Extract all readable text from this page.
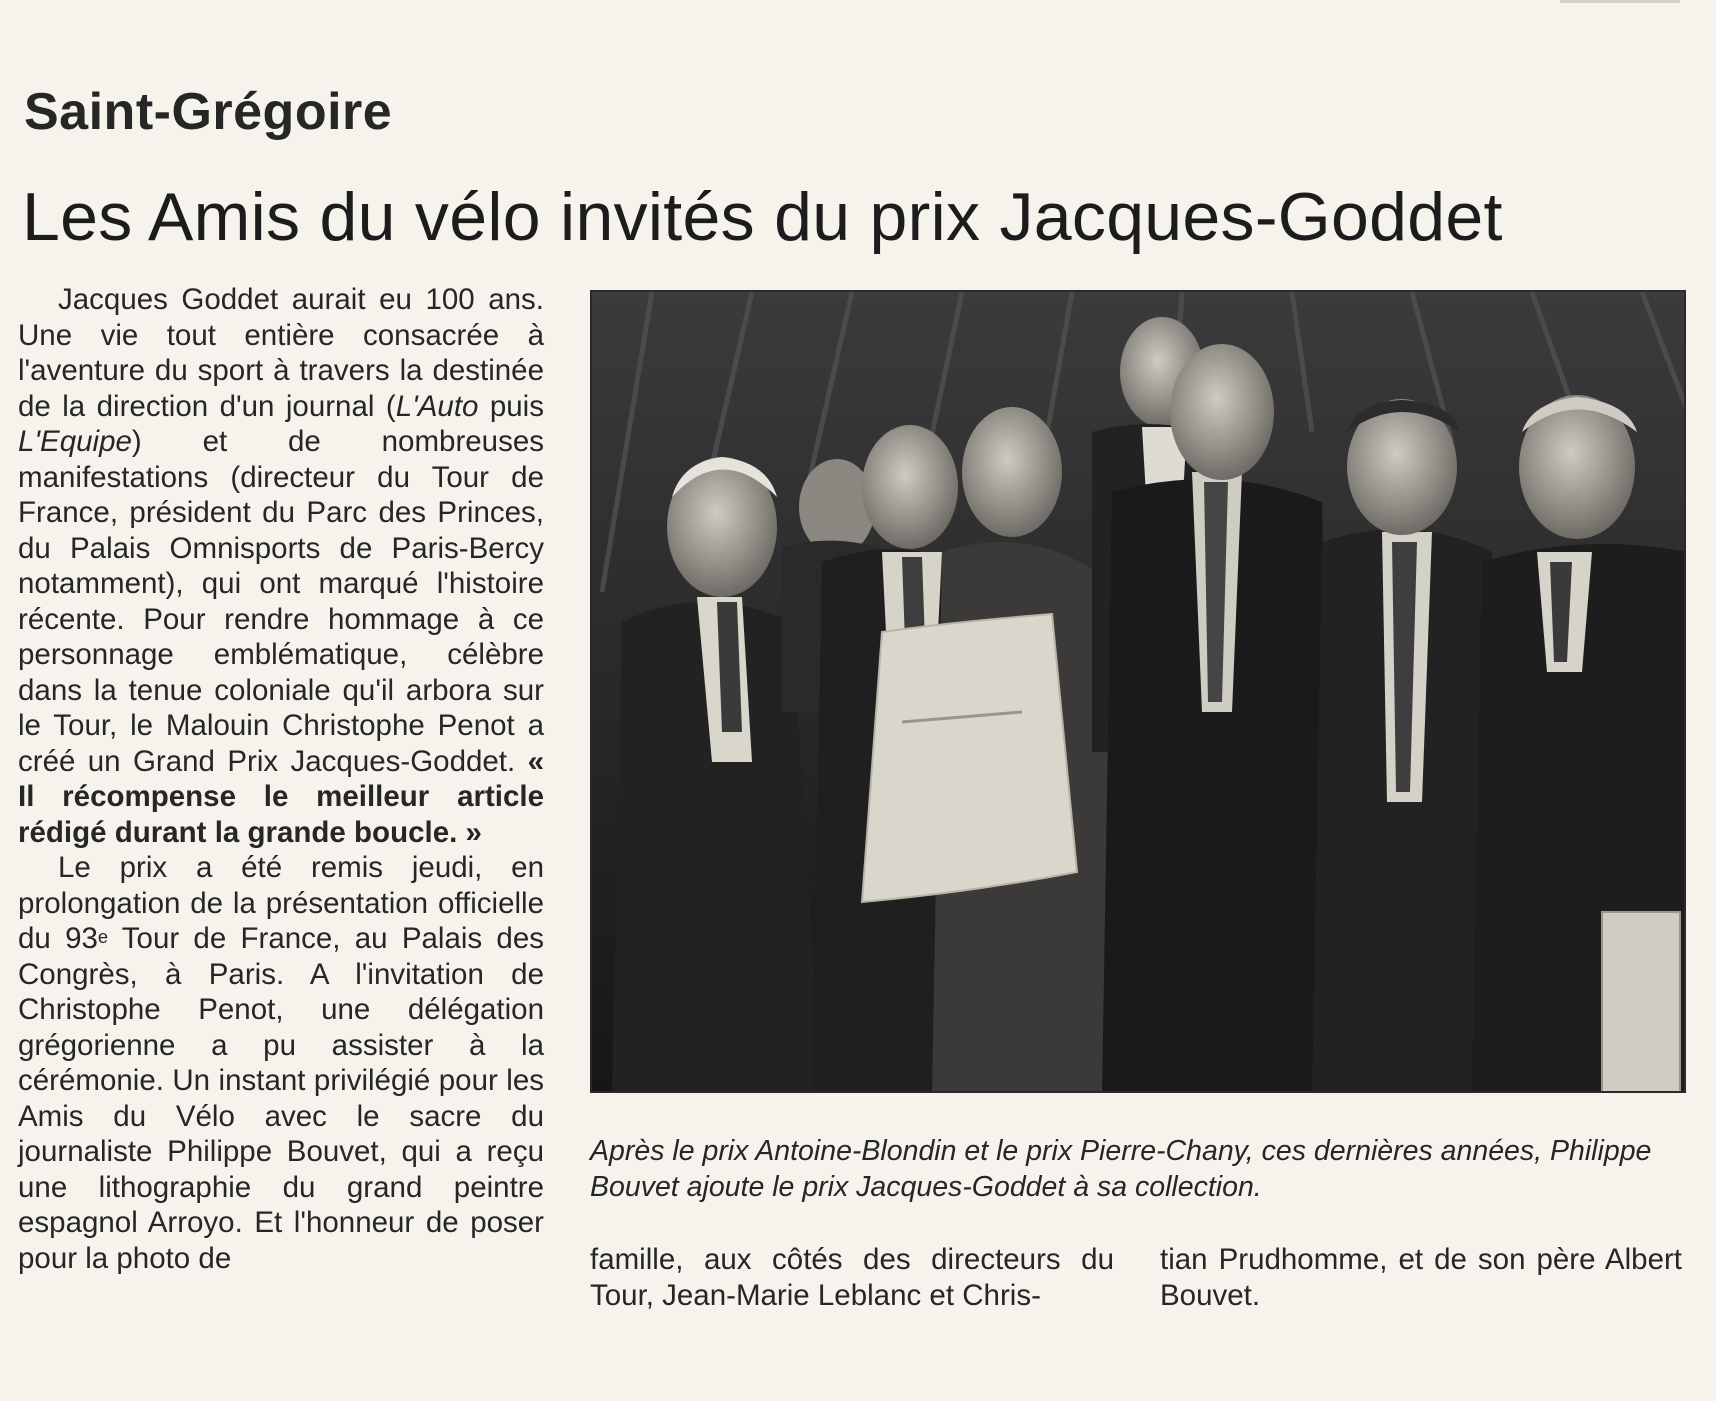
Saint-Grégoire
Les Amis du vélo invités du prix Jacques-Goddet

Jacques Goddet aurait eu 100 ans. Une vie tout entière consacrée à l'aventure du sport à travers la destinée de la direction d'un journal (L'Auto puis L'Equipe) et de nombreuses manifestations (directeur du Tour de France, président du Parc des Princes, du Palais Omnisports de Paris-Bercy notamment), qui ont marqué l'histoire récente. Pour rendre hommage à ce personnage emblématique, célèbre dans la tenue coloniale qu'il arbora sur le Tour, le Malouin Christophe Penot a créé un Grand Prix Jacques-Goddet. « Il récompense le meilleur article rédigé durant la grande boucle. »

Le prix a été remis jeudi, en prolongation de la présentation officielle du 93e Tour de France, au Palais des Congrès, à Paris. A l'invitation de Christophe Penot, une délégation grégorienne a pu assister à la cérémonie. Un instant privilégié pour les Amis du Vélo avec le sacre du journaliste Philippe Bouvet, qui a reçu une lithographie du grand peintre espagnol Arroyo. Et l'honneur de poser pour la photo de

Après le prix Antoine-Blondin et le prix Pierre-Chany, ces dernières années, Philippe Bouvet ajoute le prix Jacques-Goddet à sa collection.

famille, aux côtés des directeurs du Tour, Jean-Marie Leblanc et Chris-

tian Prudhomme, et de son père Albert Bouvet.
